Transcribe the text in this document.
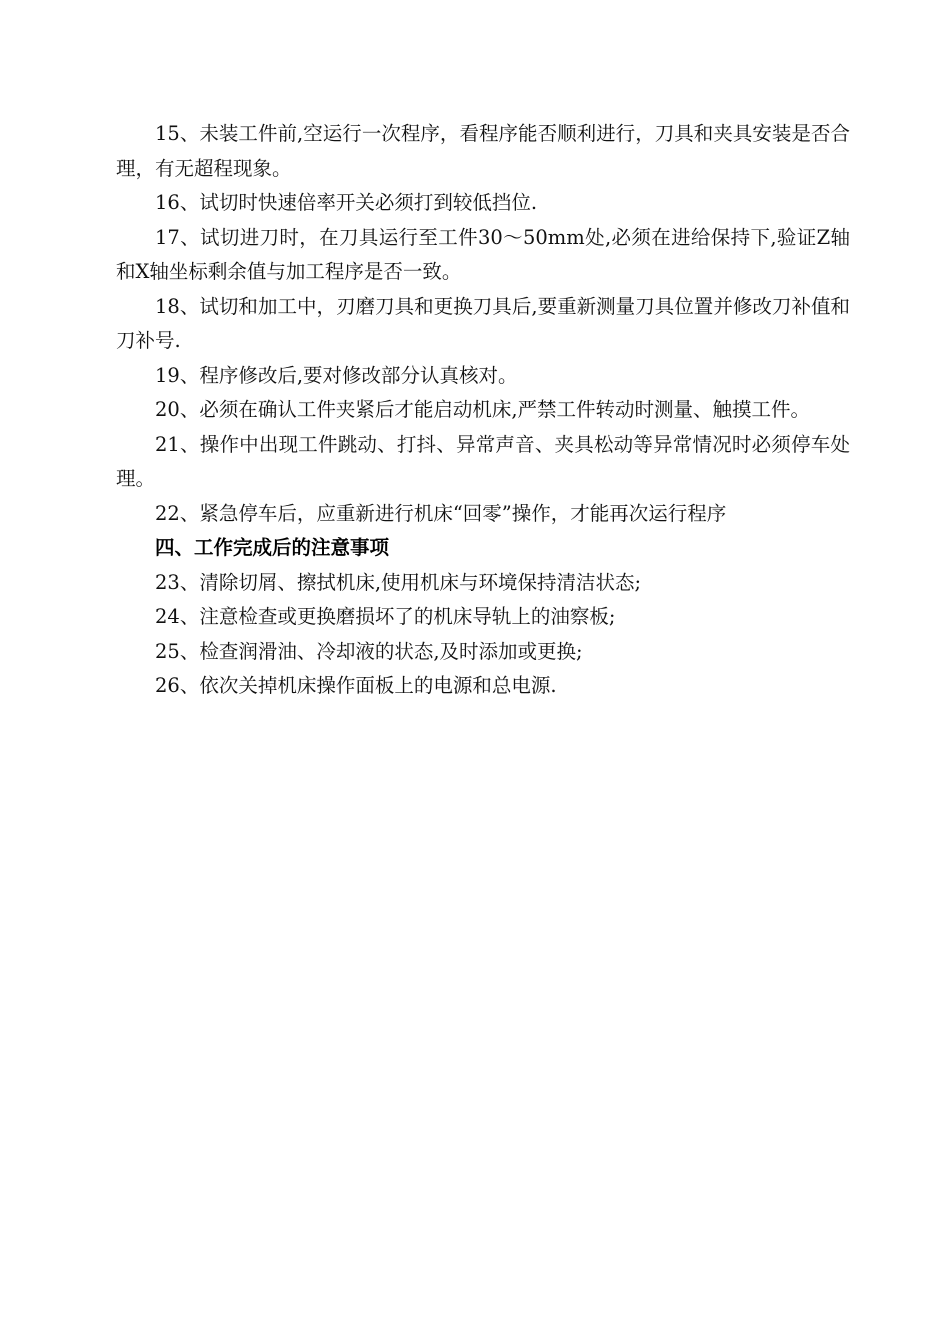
15、未装工件前,空运行一次程序，看程序能否顺利进行，刀具和夹具安装是否合理，有无超程现象。

16、试切时快速倍率开关必须打到较低挡位.

17、试切进刀时，在刀具运行至工件30～50mm处,必须在进给保持下,验证Z轴和X轴坐标剩余值与加工程序是否一致。

18、试切和加工中，刃磨刀具和更换刀具后,要重新测量刀具位置并修改刀补值和刀补号.

19、程序修改后,要对修改部分认真核对。

20、必须在确认工件夹紧后才能启动机床,严禁工件转动时测量、触摸工件。

21、操作中出现工件跳动、打抖、异常声音、夹具松动等异常情况时必须停车处理。

22、紧急停车后，应重新进行机床“回零”操作，才能再次运行程序

四、工作完成后的注意事项

23、清除切屑、擦拭机床,使用机床与环境保持清洁状态;

24、注意检查或更换磨损坏了的机床导轨上的油察板;

25、检查润滑油、冷却液的状态,及时添加或更换;

26、依次关掉机床操作面板上的电源和总电源.
